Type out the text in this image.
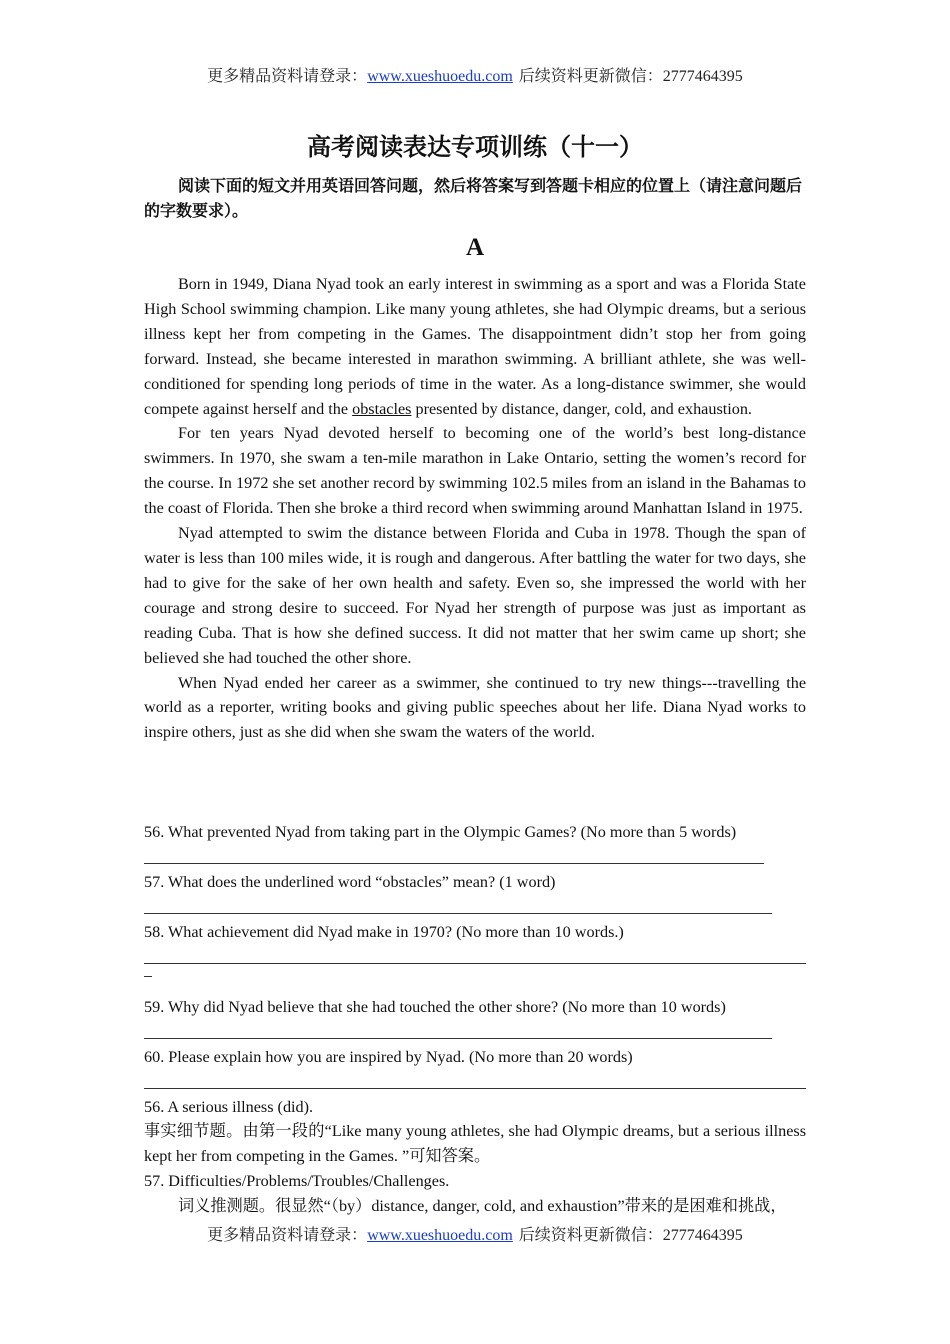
更多精品资料请登录：www.xueshuoedu.com 后续资料更新微信：2777464395
高考阅读表达专项训练（十一）
阅读下面的短文并用英语回答问题，然后将答案写到答题卡相应的位置上（请注意问题后的字数要求）。
A

Born in 1949, Diana Nyad took an early interest in swimming as a sport and was a Florida State High School swimming champion. Like many young athletes, she had Olympic dreams, but a serious illness kept her from competing in the Games. The disappointment didn’t stop her from going forward. Instead, she became interested in marathon swimming. A brilliant athlete, she was well-conditioned for spending long periods of time in the water. As a long-distance swimmer, she would compete against herself and the obstacles presented by distance, danger, cold, and exhaustion.

For ten years Nyad devoted herself to becoming one of the world’s best long-distance swimmers. In 1970, she swam a ten-mile marathon in Lake Ontario, setting the women’s record for the course. In 1972 she set another record by swimming 102.5 miles from an island in the Bahamas to the coast of Florida. Then she broke a third record when swimming around Manhattan Island in 1975.

Nyad attempted to swim the distance between Florida and Cuba in 1978. Though the span of water is less than 100 miles wide, it is rough and dangerous. After battling the water for two days, she had to give for the sake of her own health and safety. Even so, she impressed the world with her courage and strong desire to succeed. For Nyad her strength of purpose was just as important as reading Cuba. That is how she defined success. It did not matter that her swim came up short; she believed she had touched the other shore.

When Nyad ended her career as a swimmer, she continued to try new things---travelling the world as a reporter, writing books and giving public speeches about her life. Diana Nyad works to inspire others, just as she did when she swam the waters of the world.

56. What prevented Nyad from taking part in the Olympic Games? (No more than 5 words)

57. What does the underlined word “obstacles” mean? (1 word)

58. What achievement did Nyad make in 1970? (No more than 10 words.)

59. Why did Nyad believe that she had touched the other shore? (No more than 10 words)

60. Please explain how you are inspired by Nyad. (No more than 20 words)

56. A serious illness (did).

事实细节题。由第一段的“Like many young athletes, she had Olympic dreams, but a serious illness kept her from competing in the Games. ”可知答案。

57. Difficulties/Problems/Troubles/Challenges.

词义推测题。很显然“（by）distance, danger, cold, and exhaustion”带来的是困难和挑战，

更多精品资料请登录：www.xueshuoedu.com 后续资料更新微信：2777464395
